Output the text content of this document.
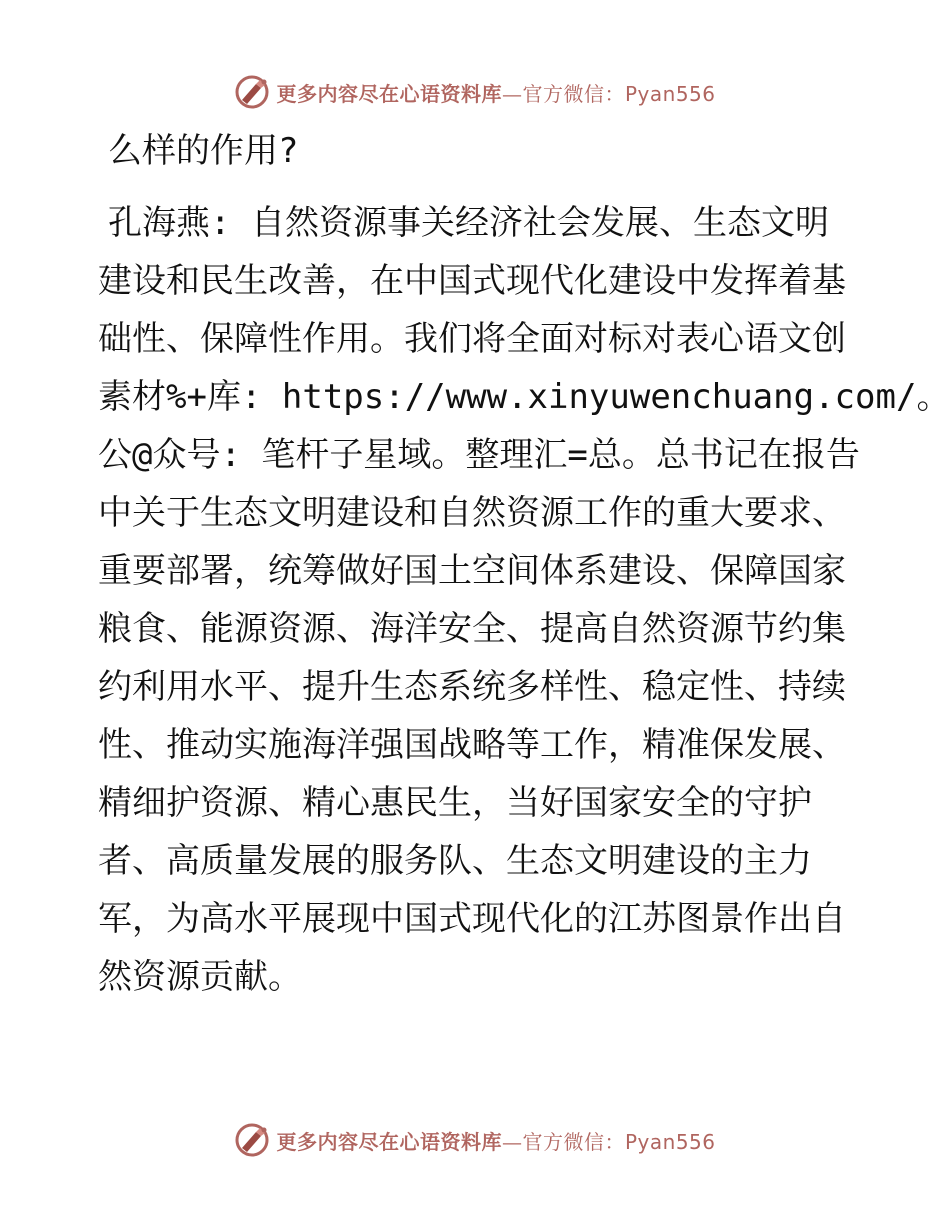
更多内容尽在心语资料库—官方微信：Pyan556
么样的作用?
孔海燕: 自然资源事关经济社会发展、生态文明
建设和民生改善，在中国式现代化建设中发挥着基
础性、保障性作用。我们将全面对标对表心语文创
素材%+库: https://www.xinyuwenchuang.com/。
公@众号: 笔杆子星域。整理汇=总。总书记在报告
中关于生态文明建设和自然资源工作的重大要求、
重要部署，统筹做好国土空间体系建设、保障国家
粮食、能源资源、海洋安全、提高自然资源节约集
约利用水平、提升生态系统多样性、稳定性、持续
性、推动实施海洋强国战略等工作，精准保发展、
精细护资源、精心惠民生，当好国家安全的守护
者、高质量发展的服务队、生态文明建设的主力
军，为高水平展现中国式现代化的江苏图景作出自
然资源贡献。
更多内容尽在心语资料库—官方微信：Pyan556
